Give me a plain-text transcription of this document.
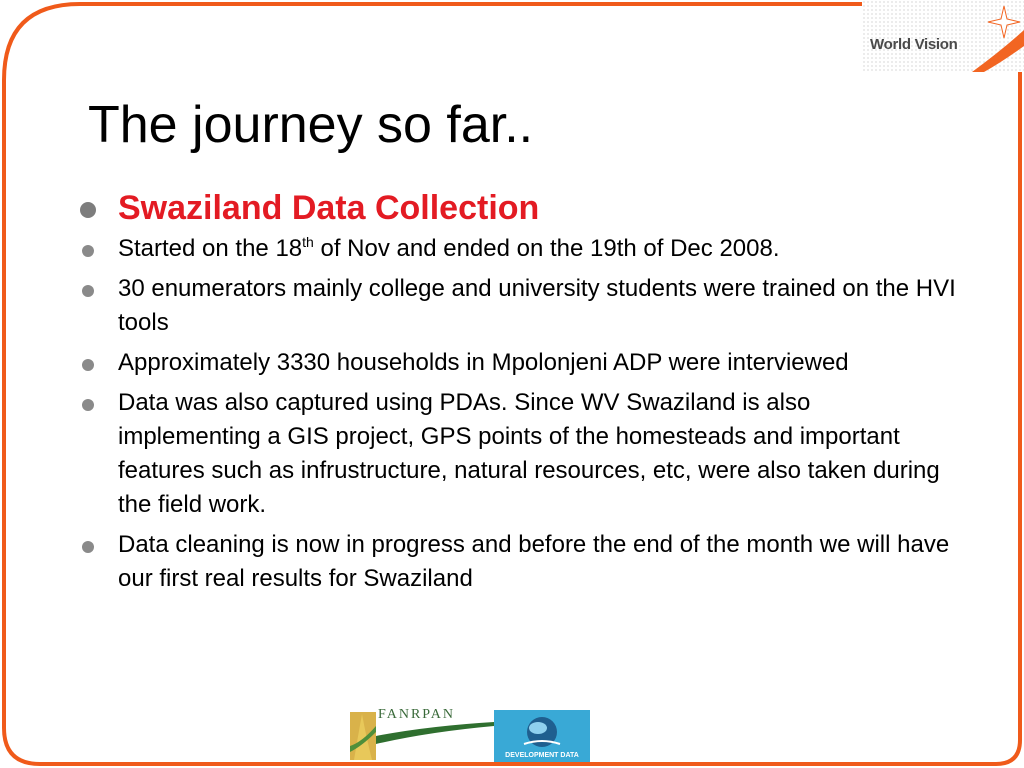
World Vision
The journey so far..
Swaziland Data Collection
Started on the 18th of Nov and ended on the 19th of Dec 2008.
30 enumerators mainly college and university students were trained on the HVI tools
Approximately 3330 households in Mpolonjeni ADP were interviewed
Data was also captured using PDAs. Since WV Swaziland is also implementing a GIS project, GPS points of the homesteads and important features such as infrustructure, natural resources, etc, were also taken during the field work.
Data cleaning is now in progress and before the end of the month we will have our first real results for Swaziland
FANRPAN
DEVELOPMENT DATA
